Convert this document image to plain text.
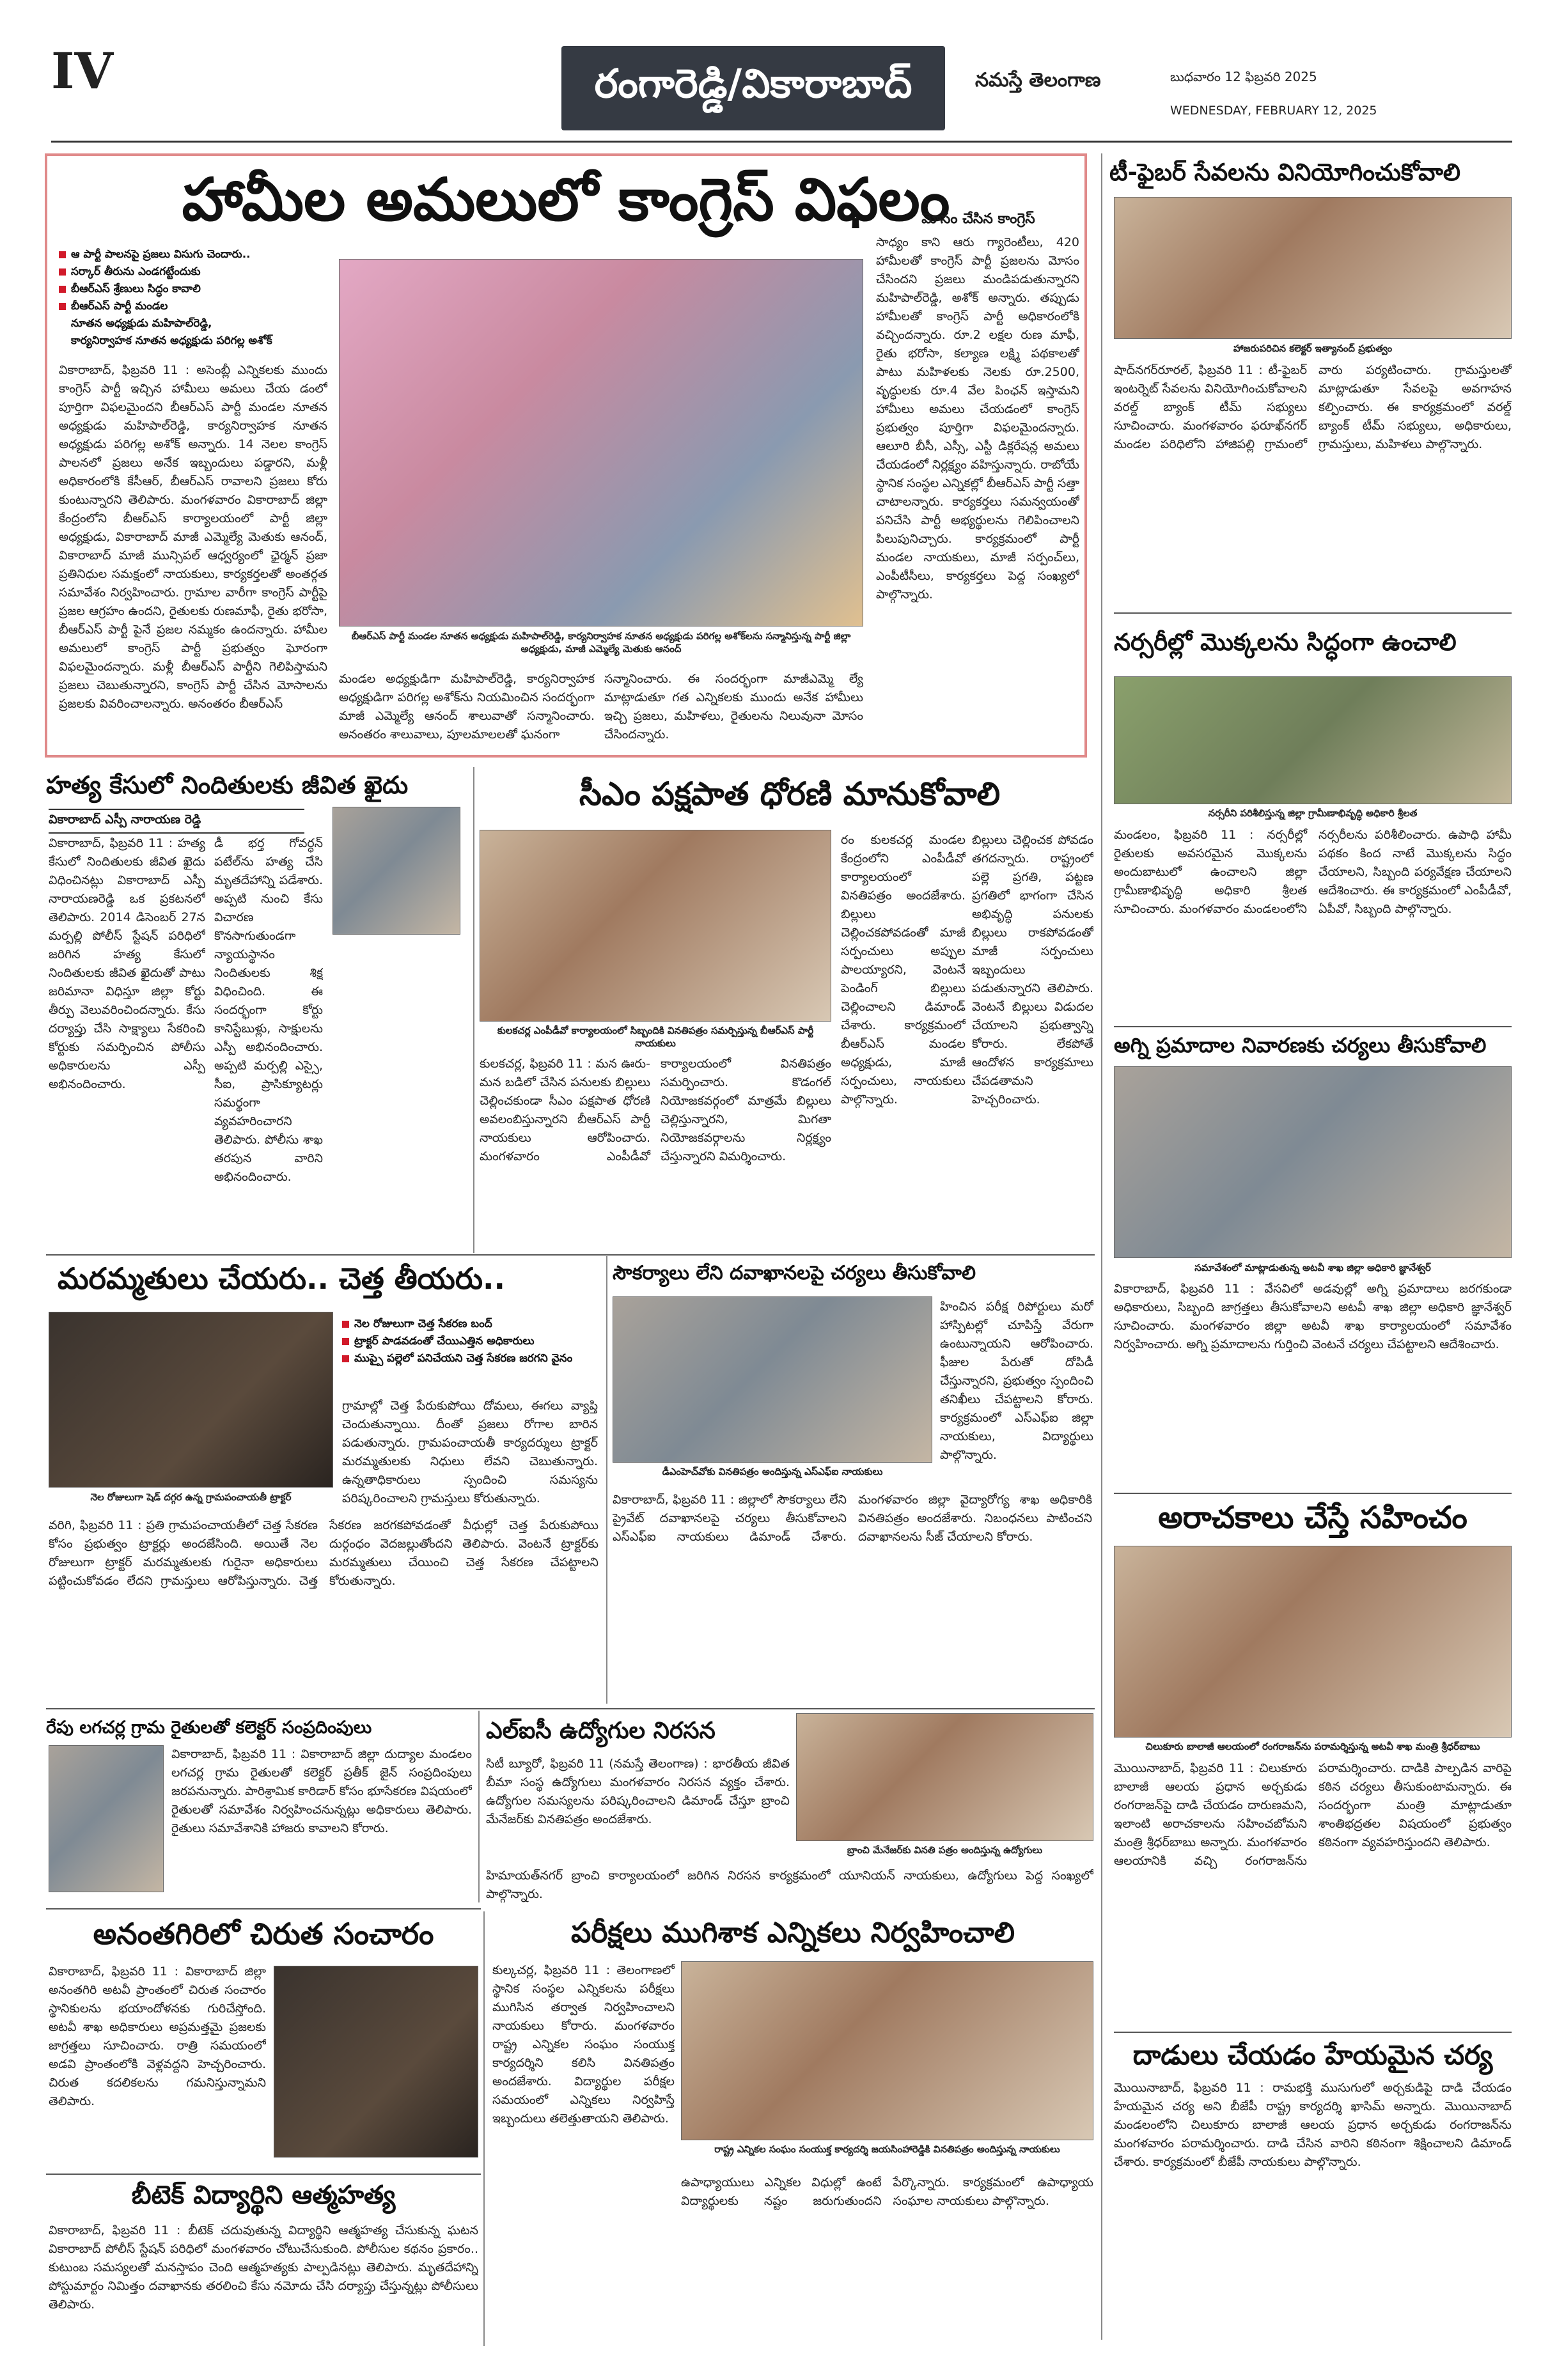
IV	రంగారెడ్డి/వికారాబాద్	నమస్తే తెలంగాణ	బుధవారం 12 ఫిబ్రవరి 2025
WEDNESDAY, FEBRUARY 12, 2025
హామీల అమలులో కాంగ్రెస్ విఫలం
ఆ పార్టీ పాలనపై ప్రజలు విసుగు చెందారు..
సర్కార్ తీరును ఎండగట్టేందుకు
బీఆర్ఎస్ శ్రేణులు సిద్ధం కావాలి
బీఆర్ఎస్ పార్టీ మండల
నూతన అధ్యక్షుడు మహిపాల్‌రెడ్డి,
కార్యనిర్వాహక నూతన అధ్యక్షుడు పరిగల్ల అశోక్
వికారాబాద్, ఫిబ్రవరి 11 : అసెంబ్లీ ఎన్నికలకు ముందు కాంగ్రెస్ పార్టీ ఇచ్చిన హామీలు అమలు చేయ డంలో పూర్తిగా విఫలమైందని బీఆర్ఎస్ పార్టీ మండల నూతన అధ్యక్షుడు మహిపాల్‌రెడ్డి, కార్యనిర్వాహక నూతన అధ్యక్షుడు పరిగల్ల అశోక్ అన్నారు. 14 నెలల కాంగ్రెస్ పాలనలో ప్రజలు అనేక ఇబ్బందులు పడ్డారని, మళ్లీ అధికారంలోకి కేసీఆర్, బీఆర్ఎస్ రావాలని ప్రజలు కోరు కుంటున్నారని తెలిపారు. మంగళవారం వికారాబాద్ జిల్లా కేంద్రంలోని బీఆర్ఎస్ కార్యాలయంలో పార్టీ జిల్లా అధ్యక్షుడు, వికారాబాద్ మాజీ ఎమ్మెల్యే మెతుకు ఆనంద్, వికారాబాద్ మాజీ మున్సిపల్ ఆధ్వర్యంలో ఛైర్మన్ ప్రజా ప్రతినిధుల సమక్షంలో నాయకులు, కార్యకర్తలతో అంతర్గత సమావేశం నిర్వహించారు. గ్రామాల వారీగా కాంగ్రెస్ పార్టీపై ప్రజల ఆగ్రహం ఉందని, రైతులకు రుణమాఫీ, రైతు భరోసా, బీఆర్ఎస్ పార్టీ పైనే ప్రజల నమ్మకం ఉందన్నారు. హామీల అమలులో కాంగ్రెస్ పార్టీ ప్రభుత్వం ఘోరంగా విఫలమైందన్నారు. మళ్లీ బీఆర్ఎస్ పార్టీని గెలిపిస్తామని ప్రజలు చెబుతున్నారని, కాంగ్రెస్ పార్టీ చేసిన మోసాలను ప్రజలకు వివరించాలన్నారు. అనంతరం బీఆర్ఎస్
బీఆర్ఎస్ పార్టీ మండల నూతన అధ్యక్షుడు మహిపాల్‌రెడ్డి, కార్యనిర్వాహక నూతన అధ్యక్షుడు పరిగల్ల అశోక్‌లను సన్మానిస్తున్న పార్టీ జిల్లా అధ్యక్షుడు, మాజీ ఎమ్మెల్యే మెతుకు ఆనంద్
మండల అధ్యక్షుడిగా మహిపాల్‌రెడ్డి, కార్యనిర్వాహక అధ్యక్షుడిగా పరిగల్ల అశోక్‌ను నియమించిన సందర్భంగా మాజీ ఎమ్మెల్యే ఆనంద్ శాలువాతో సన్మానించారు. అనంతరం శాలువాలు, పూలమాలలతో ఘనంగా
సన్మానించారు. ఈ సందర్భంగా మాజీఎమ్మె ల్యే మాట్లాడుతూ గత ఎన్నికలకు ముందు అనేక హామీలు ఇచ్చి ప్రజలు, మహిళలు, రైతులను నిలువునా మోసం చేసిందన్నారు.
మోసం చేసిన కాంగ్రెస్
సాధ్యం కాని ఆరు గ్యారెంటీలు, 420 హామీలతో కాంగ్రెస్ పార్టీ ప్రజలను మోసం చేసిందని ప్రజలు మండిపడుతున్నారని మహిపాల్‌రెడ్డి, అశోక్ అన్నారు. తప్పుడు హామీలతో కాంగ్రెస్ పార్టీ అధికారంలోకి వచ్చిందన్నారు. రూ.2 లక్షల రుణ మాఫీ, రైతు భరోసా, కల్యాణ లక్ష్మి పథకాలతో పాటు మహిళలకు నెలకు రూ.2500, వృద్ధులకు రూ.4 వేల పింఛన్ ఇస్తామని హామీలు అమలు చేయడంలో కాంగ్రెస్ ప్రభుత్వం పూర్తిగా విఫలమైందన్నారు. ఆలూరి బీసీ, ఎస్సీ, ఎస్టీ డిక్లరేషన్ల అమలు చేయడంలో నిర్లక్ష్యం వహిస్తున్నారు. రాబోయే స్థానిక సంస్థల ఎన్నికల్లో బీఆర్ఎస్ పార్టీ సత్తా చాటాలన్నారు. కార్యకర్తలు సమన్వయంతో పనిచేసి పార్టీ అభ్యర్థులను గెలిపించాలని పిలుపునిచ్చారు. కార్యక్రమంలో పార్టీ మండల నాయకులు, మాజీ సర్పంచ్‌లు, ఎంపీటీసీలు, కార్యకర్తలు పెద్ద సంఖ్యలో పాల్గొన్నారు.
టీ-ఫైబర్ సేవలను వినియోగించుకోవాలి
హాజరుపరిచిన కలెక్టర్ ఇత్యానంద్ ప్రభుత్వం
షాద్‌నగర్‌రూరల్, ఫిబ్రవరి 11 : టీ-ఫైబర్ ఇంటర్నెట్ సేవలను వినియోగించుకోవాలని వరల్డ్ బ్యాంక్ టీమ్ సభ్యులు సూచించారు. మంగళవారం ఫరూఖ్‌నగర్ మండల పరిధిలోని హాజిపల్లి గ్రామంలో వారు పర్యటించారు. గ్రామస్తులతో మాట్లాడుతూ సేవలపై అవగాహన కల్పించారు. ఈ కార్యక్రమంలో వరల్డ్ బ్యాంక్ టీమ్ సభ్యులు, అధికారులు, గ్రామస్తులు, మహిళలు పాల్గొన్నారు.
నర్సరీల్లో మొక్కలను సిద్ధంగా ఉంచాలి
నర్సరీని పరిశీలిస్తున్న జిల్లా గ్రామీణాభివృద్ధి అధికారి శ్రీలత
మండలం, ఫిబ్రవరి 11 : నర్సరీల్లో రైతులకు అవసరమైన మొక్కలను అందుబాటులో ఉంచాలని జిల్లా గ్రామీణాభివృద్ధి అధికారి శ్రీలత సూచించారు. మంగళవారం మండలంలోని నర్సరీలను పరిశీలించారు. ఉపాధి హామీ పథకం కింద నాటే మొక్కలను సిద్ధం చేయాలని, సిబ్బంది పర్యవేక్షణ చేయాలని ఆదేశించారు. ఈ కార్యక్రమంలో ఎంపీడీవో, ఏపీవో, సిబ్బంది పాల్గొన్నారు.
అగ్ని ప్రమాదాల నివారణకు చర్యలు తీసుకోవాలి
సమావేశంలో మాట్లాడుతున్న అటవీ శాఖ జిల్లా అధికారి జ్ఞానేశ్వర్
వికారాబాద్, ఫిబ్రవరి 11 : వేసవిలో అడవుల్లో అగ్ని ప్రమాదాలు జరగకుండా అధికారులు, సిబ్బంది జాగ్రత్తలు తీసుకోవాలని అటవీ శాఖ జిల్లా అధికారి జ్ఞానేశ్వర్ సూచించారు. మంగళవారం జిల్లా అటవీ శాఖ కార్యాలయంలో సమావేశం నిర్వహించారు. అగ్ని ప్రమాదాలను గుర్తించి వెంటనే చర్యలు చేపట్టాలని ఆదేశించారు.
అరాచకాలు చేస్తే సహించం
చిలుకూరు బాలాజీ ఆలయంలో రంగరాజన్‌ను పరామర్శిస్తున్న అటవీ శాఖ మంత్రి శ్రీధర్‌బాబు
మొయినాబాద్, ఫిబ్రవరి 11 : చిలుకూరు బాలాజీ ఆలయ ప్రధాన అర్చకుడు రంగరాజన్‌పై దాడి చేయడం దారుణమని, ఇలాంటి అరాచకాలను సహించబోమని మంత్రి శ్రీధర్‌బాబు అన్నారు. మంగళవారం ఆలయానికి వచ్చి రంగరాజన్‌ను పరామర్శించారు. దాడికి పాల్పడిన వారిపై కఠిన చర్యలు తీసుకుంటామన్నారు. ఈ సందర్భంగా మంత్రి మాట్లాడుతూ శాంతిభద్రతల విషయంలో ప్రభుత్వం కఠినంగా వ్యవహరిస్తుందని తెలిపారు.
దాడులు చేయడం హేయమైన చర్య
మొయినాబాద్, ఫిబ్రవరి 11 : రామభక్తి ముసుగులో అర్చకుడిపై దాడి చేయడం హేయమైన చర్య అని బీజేపీ రాష్ట్ర కార్యదర్శి ఖాసిమ్‌ అన్నారు. మొయినాబాద్ మండలంలోని చిలుకూరు బాలాజీ ఆలయ ప్రధాన అర్చకుడు రంగరాజన్‌ను మంగళవారం పరామర్శించారు. దాడి చేసిన వారిని కఠినంగా శిక్షించాలని డిమాండ్ చేశారు. కార్యక్రమంలో బీజేపీ నాయకులు పాల్గొన్నారు.
హత్య కేసులో నిందితులకు జీవిత ఖైదు
వికారాబాద్ ఎస్పీ నారాయణ రెడ్డి
వికారాబాద్, ఫిబ్రవరి 11 : హత్య కేసులో నిందితులకు జీవిత ఖైదు విధించినట్లు వికారాబాద్ ఎస్పీ నారాయణరెడ్డి ఒక ప్రకటనలో తెలిపారు. 2014 డిసెంబర్ 27న మర్పల్లి పోలీస్ స్టేషన్ పరిధిలో జరిగిన హత్య కేసులో నిందితులకు జీవిత ఖైదుతో పాటు జరిమానా విధిస్తూ జిల్లా కోర్టు తీర్పు వెలువరించిందన్నారు. కేసు దర్యాప్తు చేసి సాక్ష్యాలు సేకరించి కోర్టుకు సమర్పించిన పోలీసు అధికారులను ఎస్పీ అభినందించారు.
డీ భర్త గోవర్ధన్ పటేల్‌ను హత్య చేసి మృతదేహాన్ని పడేశారు. అప్పటి నుంచి కేసు విచారణ కొనసాగుతుండగా న్యాయస్థానం నిందితులకు శిక్ష విధించింది. ఈ సందర్భంగా కోర్టు కానిస్టేబుళ్లు, సాక్షులను ఎస్పీ అభినందించారు. అప్పటి మర్పల్లి ఎస్సై, సీఐ, ప్రాసిక్యూటర్లు సమర్థంగా వ్యవహరించారని తెలిపారు. పోలీసు శాఖ తరపున వారిని అభినందించారు.
సీఎం పక్షపాత ధోరణి మానుకోవాలి
కులకచర్ల ఎంపీడీవో కార్యాలయంలో సిబ్బందికి వినతిపత్రం సమర్పిస్తున్న బీఆర్ఎస్ పార్టీ నాయకులు
కులకచర్ల, ఫిబ్రవరి 11 : మన ఊరు-మన బడిలో చేసిన పనులకు బిల్లులు చెల్లించకుండా సీఎం పక్షపాత ధోరణి అవలంబిస్తున్నారని బీఆర్ఎస్ పార్టీ నాయకులు ఆరోపించారు. మంగళవారం ఎంపీడీవో కార్యాలయంలో వినతిపత్రం సమర్పించారు. కొడంగల్ నియోజకవర్గంలో మాత్రమే బిల్లులు చెల్లిస్తున్నారని, మిగతా నియోజకవర్గాలను నిర్లక్ష్యం చేస్తున్నారని విమర్శించారు.
రం కులకచర్ల మండల కేంద్రంలోని ఎంపీడీవో కార్యాలయంలో వినతిపత్రం అందజేశారు. బిల్లులు చెల్లించకపోవడంతో మాజీ సర్పంచులు అప్పుల పాలయ్యారని, వెంటనే పెండింగ్ బిల్లులు చెల్లించాలని డిమాండ్ చేశారు. కార్యక్రమంలో బీఆర్ఎస్ మండల అధ్యక్షుడు, మాజీ సర్పంచులు, నాయకులు పాల్గొన్నారు.
బిల్లులు చెల్లించక పోవడం తగదన్నారు. రాష్ట్రంలో పల్లె ప్రగతి, పట్టణ ప్రగతిలో భాగంగా చేసిన అభివృద్ధి పనులకు బిల్లులు రాకపోవడంతో మాజీ సర్పంచులు ఇబ్బందులు పడుతున్నారని తెలిపారు. వెంటనే బిల్లులు విడుదల చేయాలని ప్రభుత్వాన్ని కోరారు. లేకపోతే ఆందోళన కార్యక్రమాలు చేపడతామని హెచ్చరించారు.
మరమ్మతులు చేయరు.. చెత్త తీయరు..
నెల రోజులుగా షెడ్ దగ్గర ఉన్న గ్రామపంచాయతీ ట్రాక్టర్
నెల రోజులుగా చెత్త సేకరణ బంద్
ట్రాక్టర్ పాడవడంతో చేయిఎత్తిన అధికారులు
ముప్పై పల్లెలో పనిచేయని చెత్త సేకరణ జరగని వైనం
గ్రామాల్లో చెత్త పేరుకుపోయి దోమలు, ఈగలు వ్యాప్తి చెందుతున్నాయి. దీంతో ప్రజలు రోగాల బారిన పడుతున్నారు. గ్రామపంచాయతీ కార్యదర్శులు ట్రాక్టర్ మరమ్మతులకు నిధులు లేవని చెబుతున్నారు. ఉన్నతాధికారులు స్పందించి సమస్యను పరిష్కరించాలని గ్రామస్తులు కోరుతున్నారు.
వరిగి, ఫిబ్రవరి 11 : ప్రతి గ్రామపంచాయతీలో చెత్త సేకరణ కోసం ప్రభుత్వం ట్రాక్టర్లు అందజేసింది. అయితే నెల రోజులుగా ట్రాక్టర్ మరమ్మతులకు గురైనా అధికారులు పట్టించుకోవడం లేదని గ్రామస్తులు ఆరోపిస్తున్నారు. చెత్త సేకరణ జరగకపోవడంతో వీధుల్లో చెత్త పేరుకుపోయి దుర్గంధం వెదజల్లుతోందని తెలిపారు. వెంటనే ట్రాక్టర్‌కు మరమ్మతులు చేయించి చెత్త సేకరణ చేపట్టాలని కోరుతున్నారు.
సౌకర్యాలు లేని దవాఖానలపై చర్యలు తీసుకోవాలి
డీఎంహెచ్‌వోకు వినతిపత్రం అందిస్తున్న ఎస్‌ఎఫ్‌ఐ నాయకులు
వికారాబాద్, ఫిబ్రవరి 11 : జిల్లాలో సౌకర్యాలు లేని ప్రైవేట్ దవాఖానలపై చర్యలు తీసుకోవాలని ఎస్‌ఎఫ్‌ఐ నాయకులు డిమాండ్ చేశారు. మంగళవారం జిల్లా వైద్యారోగ్య శాఖ అధికారికి వినతిపత్రం అందజేశారు. నిబంధనలు పాటించని దవాఖానలను సీజ్ చేయాలని కోరారు.
హించిన పరీక్ష రిపోర్టులు మరో హాస్పిటల్లో చూపిస్తే వేరుగా ఉంటున్నాయని ఆరోపించారు. ఫీజుల పేరుతో దోపిడీ చేస్తున్నారని, ప్రభుత్వం స్పందించి తనిఖీలు చేపట్టాలని కోరారు. కార్యక్రమంలో ఎస్‌ఎఫ్‌ఐ జిల్లా నాయకులు, విద్యార్థులు పాల్గొన్నారు.
రేపు లగచర్ల గ్రామ రైతులతో కలెక్టర్ సంప్రదింపులు
వికారాబాద్, ఫిబ్రవరి 11 : వికారాబాద్ జిల్లా దుద్యాల మండలం లగచర్ల గ్రామ రైతులతో కలెక్టర్ ప్రతీక్ జైన్ సంప్రదింపులు జరపనున్నారు. పారిశ్రామిక కారిడార్ కోసం భూసేకరణ విషయంలో రైతులతో సమావేశం నిర్వహించనున్నట్లు అధికారులు తెలిపారు. రైతులు సమావేశానికి హాజరు కావాలని కోరారు.
ఎల్ఐసీ ఉద్యోగుల నిరసన
బ్రాంచి మేనేజర్‌కు వినతి పత్రం అందిస్తున్న ఉద్యోగులు
సిటీ బ్యూరో, ఫిబ్రవరి 11 (నమస్తే తెలంగాణ) : భారతీయ జీవిత బీమా సంస్థ ఉద్యోగులు మంగళవారం నిరసన వ్యక్తం చేశారు. ఉద్యోగుల సమస్యలను పరిష్కరించాలని డిమాండ్ చేస్తూ బ్రాంచి మేనేజర్‌కు వినతిపత్రం అందజేశారు.
హిమాయత్‌నగర్ బ్రాంచి కార్యాలయంలో జరిగిన నిరసన కార్యక్రమంలో యూనియన్ నాయకులు, ఉద్యోగులు పెద్ద సంఖ్యలో పాల్గొన్నారు.
అనంతగిరిలో చిరుత సంచారం
వికారాబాద్, ఫిబ్రవరి 11 : వికారాబాద్ జిల్లా అనంతగిరి అటవీ ప్రాంతంలో చిరుత సంచారం స్థానికులను భయాందోళనకు గురిచేస్తోంది. అటవీ శాఖ అధికారులు అప్రమత్తమై ప్రజలకు జాగ్రత్తలు సూచించారు. రాత్రి సమయంలో అడవి ప్రాంతంలోకి వెళ్లవద్దని హెచ్చరించారు. చిరుత కదలికలను గమనిస్తున్నామని తెలిపారు.
పరీక్షలు ముగిశాక ఎన్నికలు నిర్వహించాలి
రాష్ట్ర ఎన్నికల సంఘం సంయుక్త కార్యదర్శి జయసింహారెడ్డికి వినతిపత్రం అందిస్తున్న నాయకులు
కుల్కచర్ల, ఫిబ్రవరి 11 : తెలంగాణలో స్థానిక సంస్థల ఎన్నికలను పరీక్షలు ముగిసిన తర్వాత నిర్వహించాలని నాయకులు కోరారు. మంగళవారం రాష్ట్ర ఎన్నికల సంఘం సంయుక్త కార్యదర్శిని కలిసి వినతిపత్రం అందజేశారు. విద్యార్థుల పరీక్షల సమయంలో ఎన్నికలు నిర్వహిస్తే ఇబ్బందులు తలెత్తుతాయని తెలిపారు.
ఉపాధ్యాయులు ఎన్నికల విధుల్లో ఉంటే విద్యార్థులకు నష్టం జరుగుతుందని పేర్కొన్నారు. కార్యక్రమంలో ఉపాధ్యాయ సంఘాల నాయకులు పాల్గొన్నారు.
బీటెక్ విద్యార్థిని ఆత్మహత్య
వికారాబాద్, ఫిబ్రవరి 11 : బీటెక్ చదువుతున్న విద్యార్థిని ఆత్మహత్య చేసుకున్న ఘటన వికారాబాద్ పోలీస్ స్టేషన్ పరిధిలో మంగళవారం చోటుచేసుకుంది. పోలీసుల కథనం ప్రకారం.. కుటుంబ సమస్యలతో మనస్తాపం చెంది ఆత్మహత్యకు పాల్పడినట్లు తెలిపారు. మృతదేహాన్ని పోస్టుమార్టం నిమిత్తం దవాఖానకు తరలించి కేసు నమోదు చేసి దర్యాప్తు చేస్తున్నట్లు పోలీసులు తెలిపారు.
